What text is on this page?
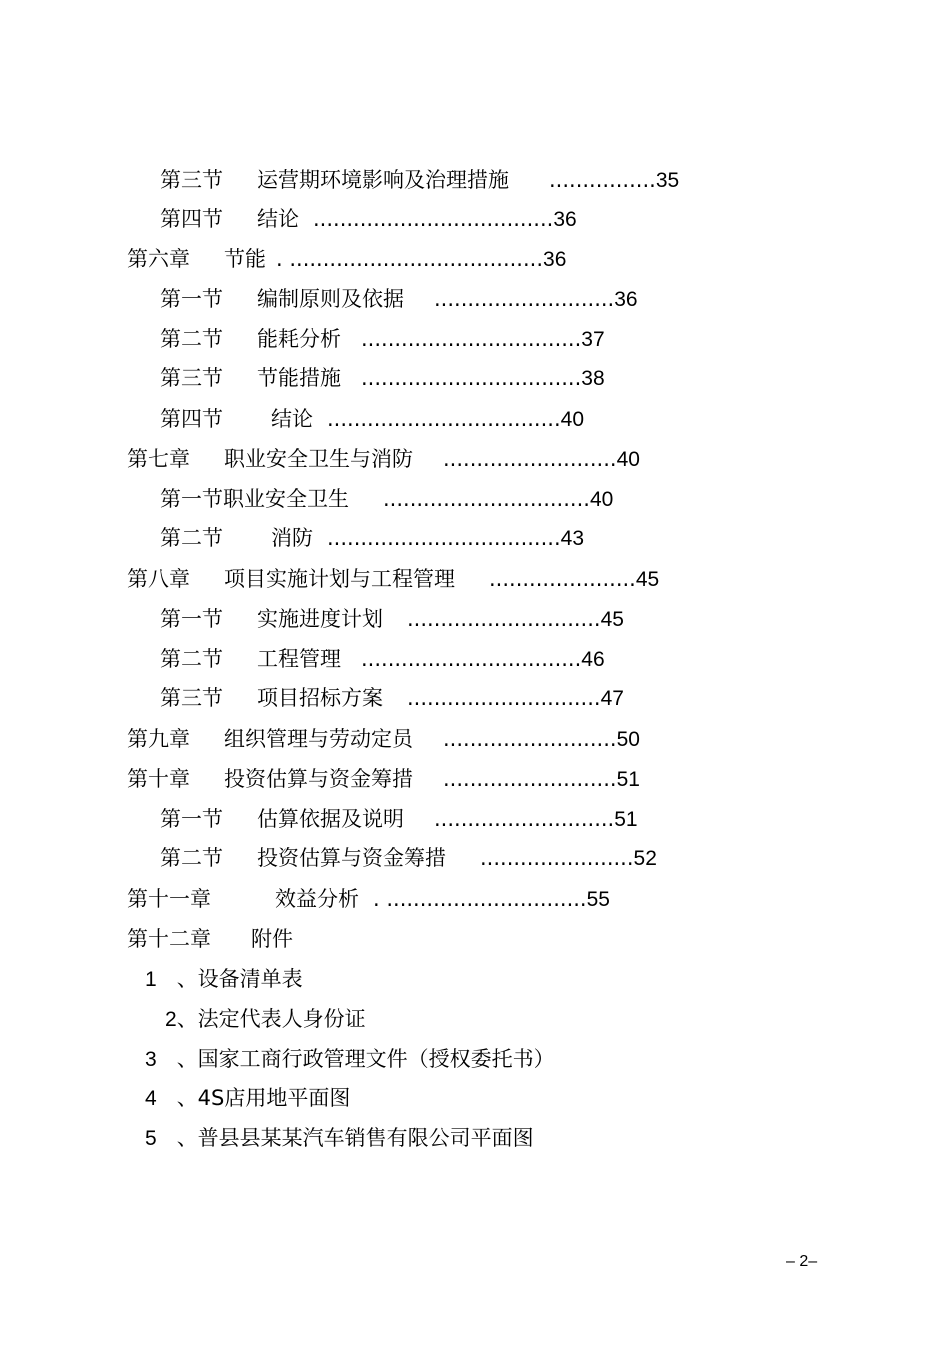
第三节 运营期环境影响及治理措施 ................35
第四节 结论 ....................................36
第六章 节能 . ......................................36
第一节 编制原则及依据 ...........................36
第二节 能耗分析 .................................37
第三节 节能措施 .................................38
第四节 结论 ...................................40
第七章 职业安全卫生与消防 ..........................40
第一节职业安全卫生 ...............................40
第二节 消防 ...................................43
第八章 项目实施计划与工程管理 ......................45
第一节 实施进度计划 .............................45
第二节 工程管理 .................................46
第三节 项目招标方案 .............................47
第九章 组织管理与劳动定员 ..........................50
第十章 投资估算与资金筹措 ..........................51
第一节 估算依据及说明 ...........................51
第二节 投资估算与资金筹措 .......................52
第十一章	效益分析 . ..............................55
第十二章 附件
1 、设备清单表
2、法定代表人身份证
3 、国家工商行政管理文件（授权委托书）
4 、4S店用地平面图
5 、普县县某某汽车销售有限公司平面图
– 2–
